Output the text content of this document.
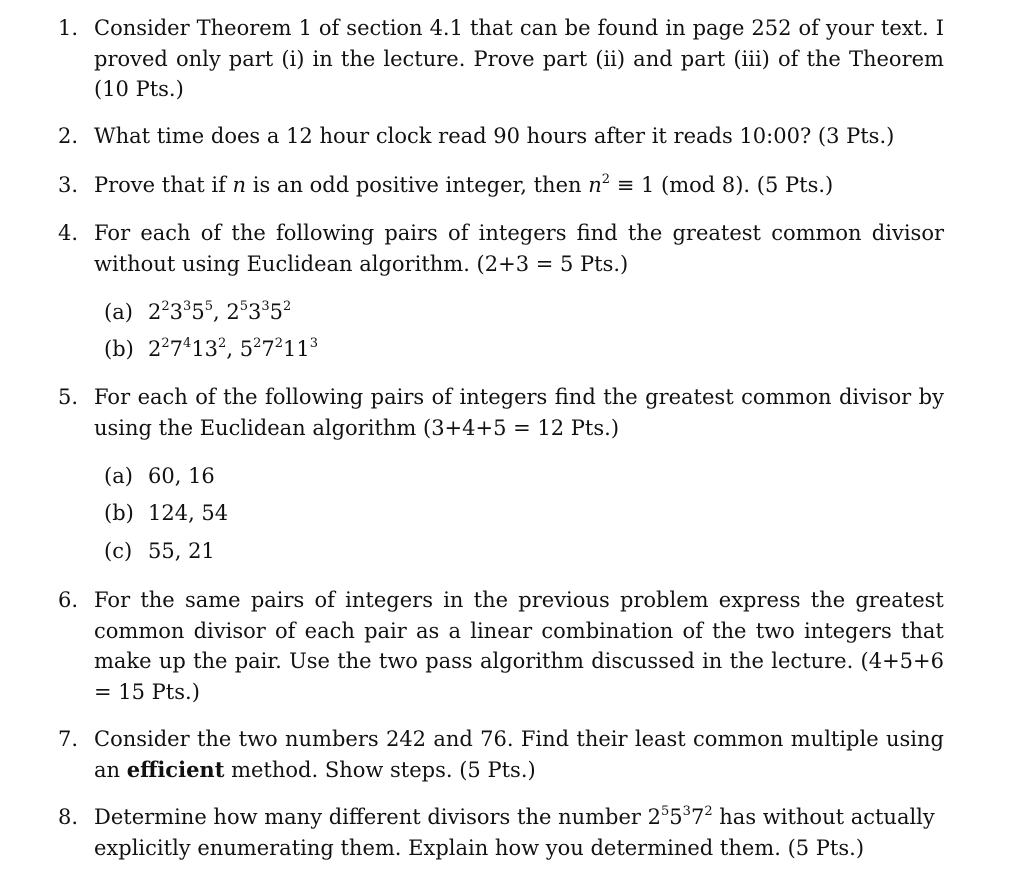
1. Consider Theorem 1 of section 4.1 that can be found in page 252 of your text. I
proved only part (i) in the lecture. Prove part (ii) and part (iii) of the Theorem
(10 Pts.)
2. What time does a 12 hour clock read 90 hours after it reads 10:00? (3 Pts.)
3. Prove that if n is an odd positive integer, then $n^2 \equiv 1$ (mod 8). (5 Pts.)
4. For each of the following pairs of integers find the greatest common divisor
without using Euclidean algorithm. (2+3 = 5 Pts.)
(a) $2^23^35^5$, $2^53^35^2$
(b) $2^27^413^2$, $5^27^211^3$
5. For each of the following pairs of integers find the greatest common divisor by
using the Euclidean algorithm (3+4+5 = 12 Pts.)
(a) 60, 16
(b) 124, 54
(c) 55, 21
6. For the same pairs of integers in the previous problem express the greatest
common divisor of each pair as a linear combination of the two integers that
make up the pair. Use the two pass algorithm discussed in the lecture. (4+5+6
= 15 Pts.)
7. Consider the two numbers 242 and 76. Find their least common multiple using
an efficient method. Show steps. (5 Pts.)
8. Determine how many different divisors the number $2^55^37^2$ has without actually
explicitly enumerating them. Explain how you determined them. (5 Pts.)
